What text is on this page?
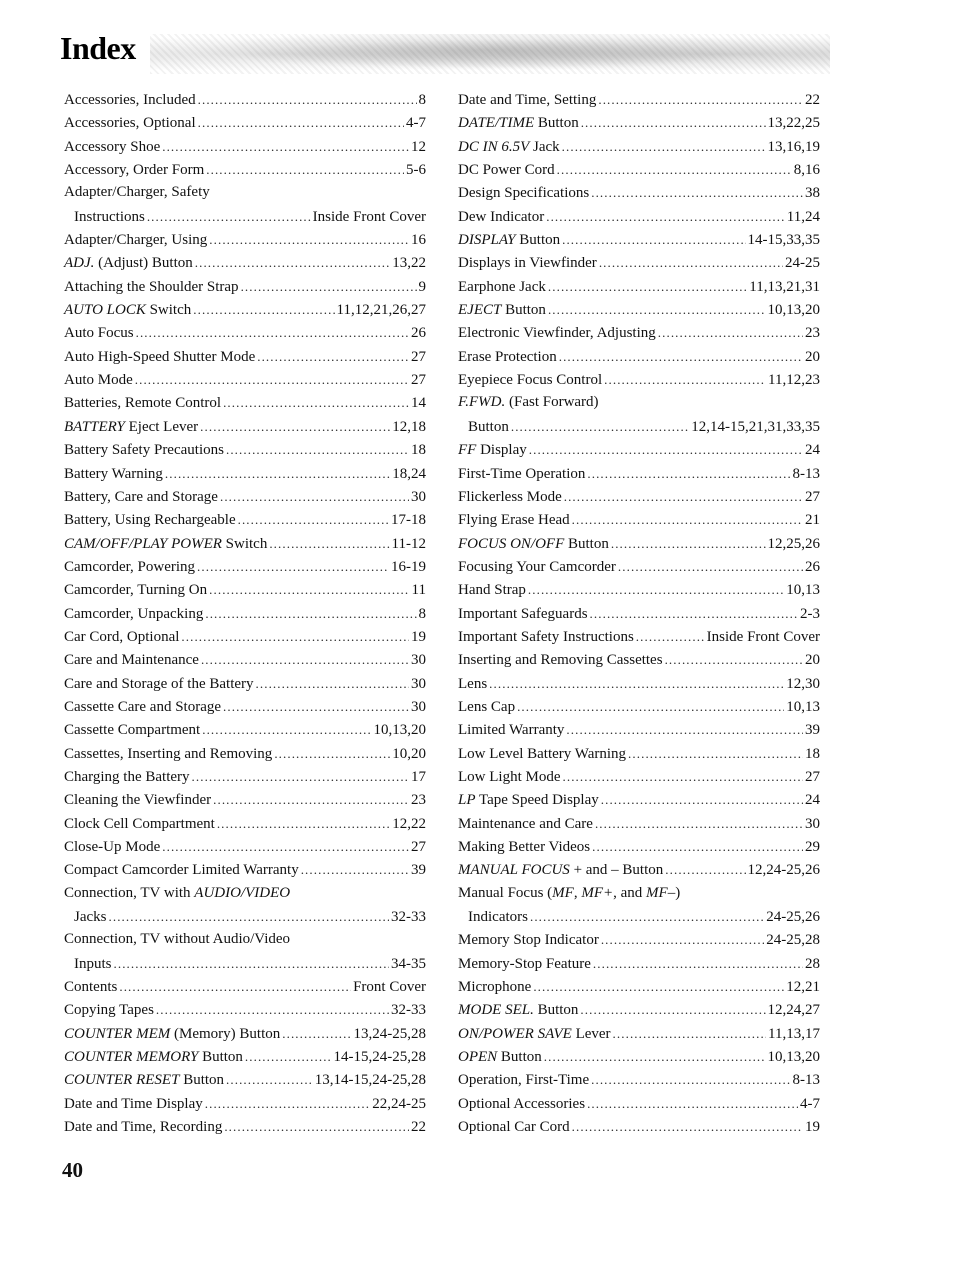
Index
Accessories, Included .....	8
Accessories, Optional .....	4-7
Accessory Shoe .....	12
Accessory, Order Form .....	5-6
Adapter/Charger, Safety
Instructions .....	Inside Front Cover
Adapter/Charger, Using .....	16
ADJ. (Adjust) Button .....	13,22
Attaching the Shoulder Strap .....	9
AUTO LOCK Switch .....	11,12,21,26,27
Auto Focus .....	26
Auto High-Speed Shutter Mode .....	27
Auto Mode .....	27
Batteries, Remote Control .....	14
BATTERY Eject Lever .....	12,18
Battery Safety Precautions .....	18
Battery Warning .....	18,24
Battery, Care and Storage .....	30
Battery, Using Rechargeable .....	17-18
CAM/OFF/PLAY POWER Switch .....	11-12
Camcorder, Powering .....	16-19
Camcorder, Turning On .....	11
Camcorder, Unpacking .....	8
Car Cord, Optional .....	19
Care and Maintenance .....	30
Care and Storage of the Battery .....	30
Cassette Care and Storage .....	30
Cassette Compartment .....	10,13,20
Cassettes, Inserting and Removing .....	10,20
Charging the Battery .....	17
Cleaning the Viewfinder .....	23
Clock Cell Compartment .....	12,22
Close-Up Mode .....	27
Compact Camcorder Limited Warranty .....	39
Connection, TV with AUDIO/VIDEO
Jacks .....	32-33
Connection, TV without Audio/Video
Inputs .....	34-35
Contents .....	Front Cover
Copying Tapes .....	32-33
COUNTER MEM (Memory) Button .....	13,24-25,28
COUNTER MEMORY Button .....	14-15,24-25,28
COUNTER RESET Button .....	13,14-15,24-25,28
Date and Time Display .....	22,24-25
Date and Time, Recording .....	22
Date and Time, Setting .....	22
DATE/TIME Button .....	13,22,25
DC IN 6.5V Jack .....	13,16,19
DC Power Cord .....	8,16
Design Specifications .....	38
Dew Indicator .....	11,24
DISPLAY Button .....	14-15,33,35
Displays in Viewfinder .....	24-25
Earphone Jack .....	11,13,21,31
EJECT Button .....	10,13,20
Electronic Viewfinder, Adjusting .....	23
Erase Protection .....	20
Eyepiece Focus Control .....	11,12,23
F.FWD. (Fast Forward)
Button .....	12,14-15,21,31,33,35
FF Display .....	24
First-Time Operation .....	8-13
Flickerless Mode .....	27
Flying Erase Head .....	21
FOCUS ON/OFF Button .....	12,25,26
Focusing Your Camcorder .....	26
Hand Strap .....	10,13
Important Safeguards .....	2-3
Important Safety Instructions .....	Inside Front Cover
Inserting and Removing Cassettes .....	20
Lens .....	12,30
Lens Cap .....	10,13
Limited Warranty .....	39
Low Level Battery Warning .....	18
Low Light Mode .....	27
LP Tape Speed Display .....	24
Maintenance and Care .....	30
Making Better Videos .....	29
MANUAL FOCUS + and – Button .....	12,24-25,26
Manual Focus (MF, MF+, and MF–)
Indicators .....	24-25,26
Memory Stop Indicator .....	24-25,28
Memory-Stop Feature .....	28
Microphone .....	12,21
MODE SEL. Button .....	12,24,27
ON/POWER SAVE Lever .....	11,13,17
OPEN Button .....	10,13,20
Operation, First-Time .....	8-13
Optional Accessories .....	4-7
Optional Car Cord .....	19
40
